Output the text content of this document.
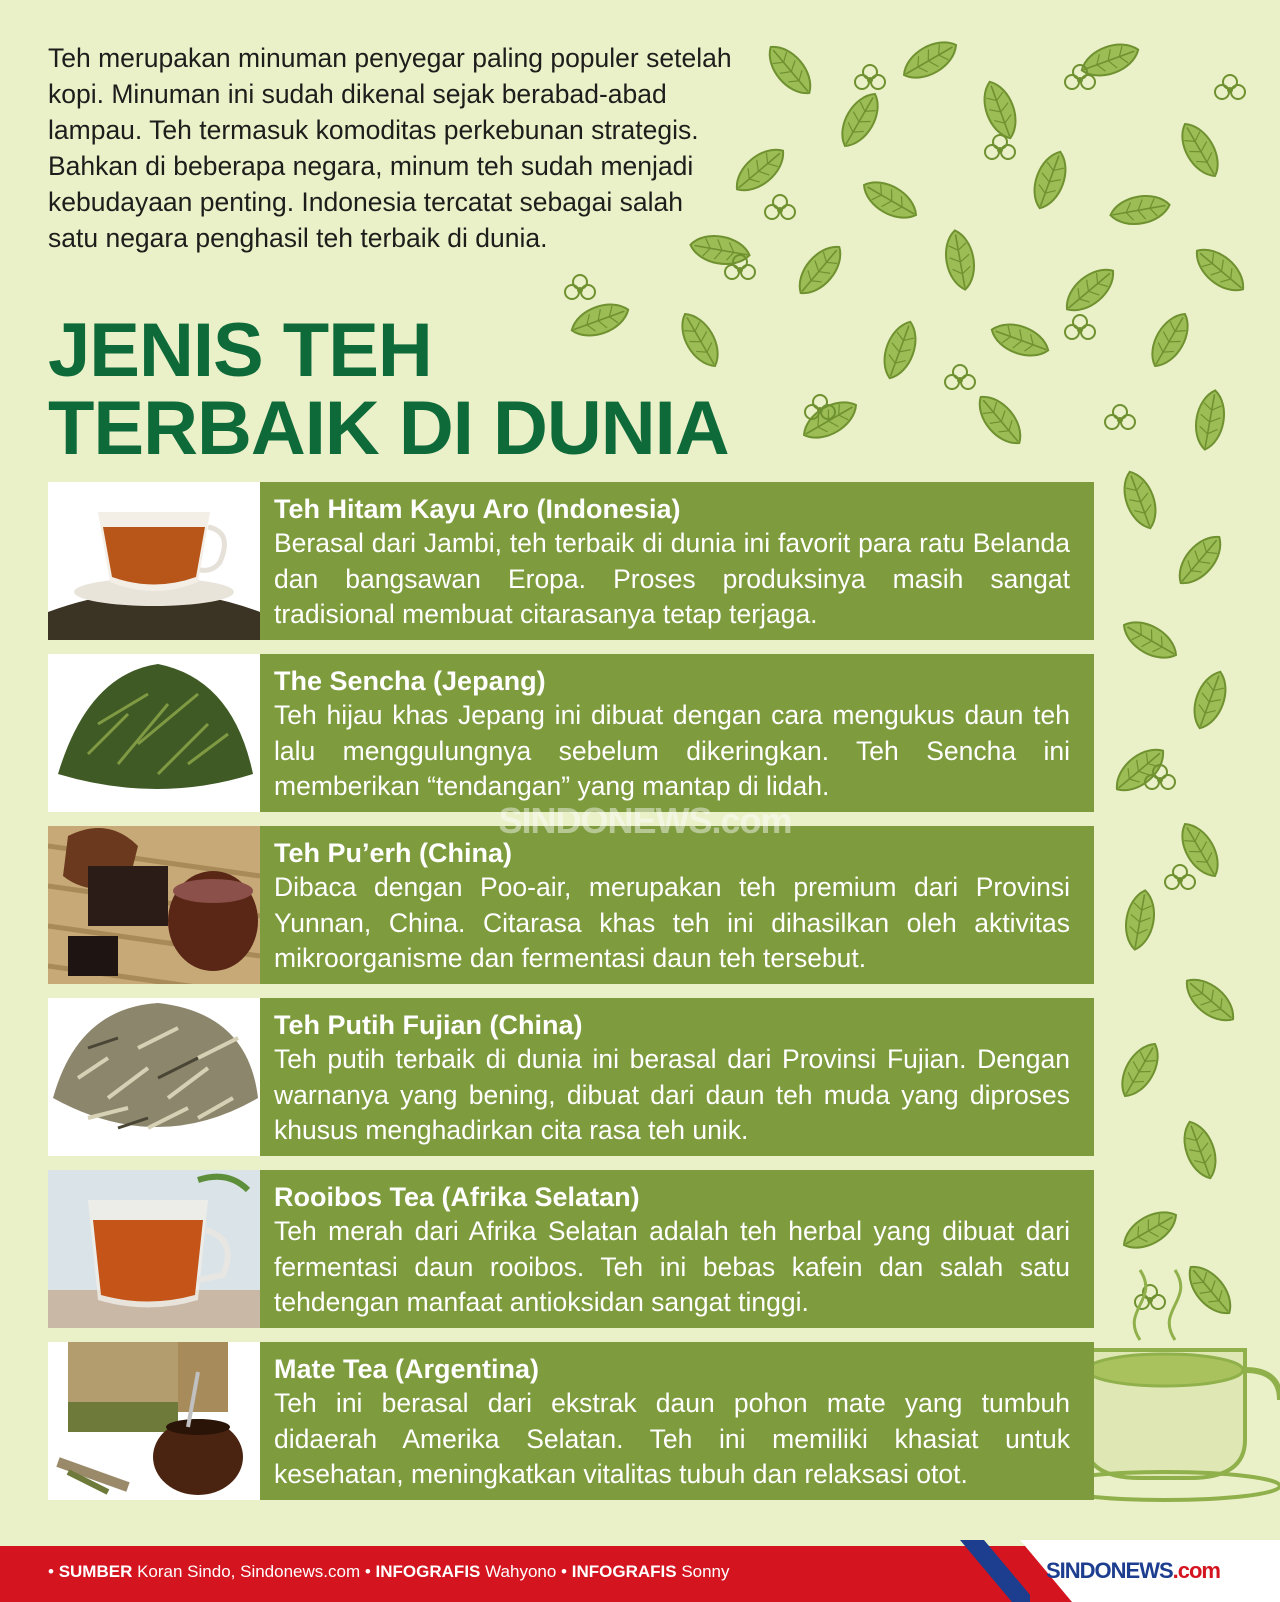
Teh merupakan minuman penyegar paling populer setelah kopi. Minuman ini sudah dikenal sejak berabad-abad lampau. Teh termasuk komoditas perkebunan strategis. Bahkan di beberapa negara, minum teh sudah menjadi kebudayaan penting. Indonesia tercatat sebagai salah satu negara penghasil teh terbaik di dunia.
JENIS TEH
TERBAIK DI DUNIA
Teh Hitam Kayu Aro (Indonesia)
Berasal dari Jambi, teh terbaik di dunia ini favorit para ratu Belanda dan bangsawan Eropa. Proses produksinya masih sangat tradisional membuat citarasanya tetap terjaga.
The Sencha (Jepang)
Teh hijau khas Jepang ini dibuat dengan cara mengukus daun teh lalu menggulungnya sebelum dikeringkan. Teh Sencha ini memberikan “tendangan” yang mantap di lidah.
Teh Pu’erh (China)
Dibaca dengan Poo-air, merupakan teh premium dari Provinsi Yunnan, China. Citarasa khas teh ini dihasilkan oleh aktivitas mikroorganisme dan fermentasi daun teh tersebut.
Teh Putih Fujian (China)
Teh putih terbaik di dunia ini berasal dari Provinsi Fujian. Dengan warnanya yang bening, dibuat dari daun teh muda yang diproses khusus menghadirkan cita rasa teh unik.
Rooibos Tea (Afrika Selatan)
Teh merah dari Afrika Selatan adalah teh herbal yang dibuat dari fermentasi daun rooibos. Teh ini bebas kafein dan salah satu tehdengan manfaat antioksidan sangat tinggi.
Mate Tea (Argentina)
Teh ini berasal dari ekstrak daun pohon mate yang tumbuh didaerah Amerika Selatan. Teh ini memiliki khasiat untuk kesehatan, meningkatkan vitalitas tubuh dan relaksasi otot.
SINDONEWS.com
• SUMBER Koran Sindo, Sindonews.com • INFOGRAFIS Wahyono • INFOGRAFIS Sonny	SINDONEWS.com
